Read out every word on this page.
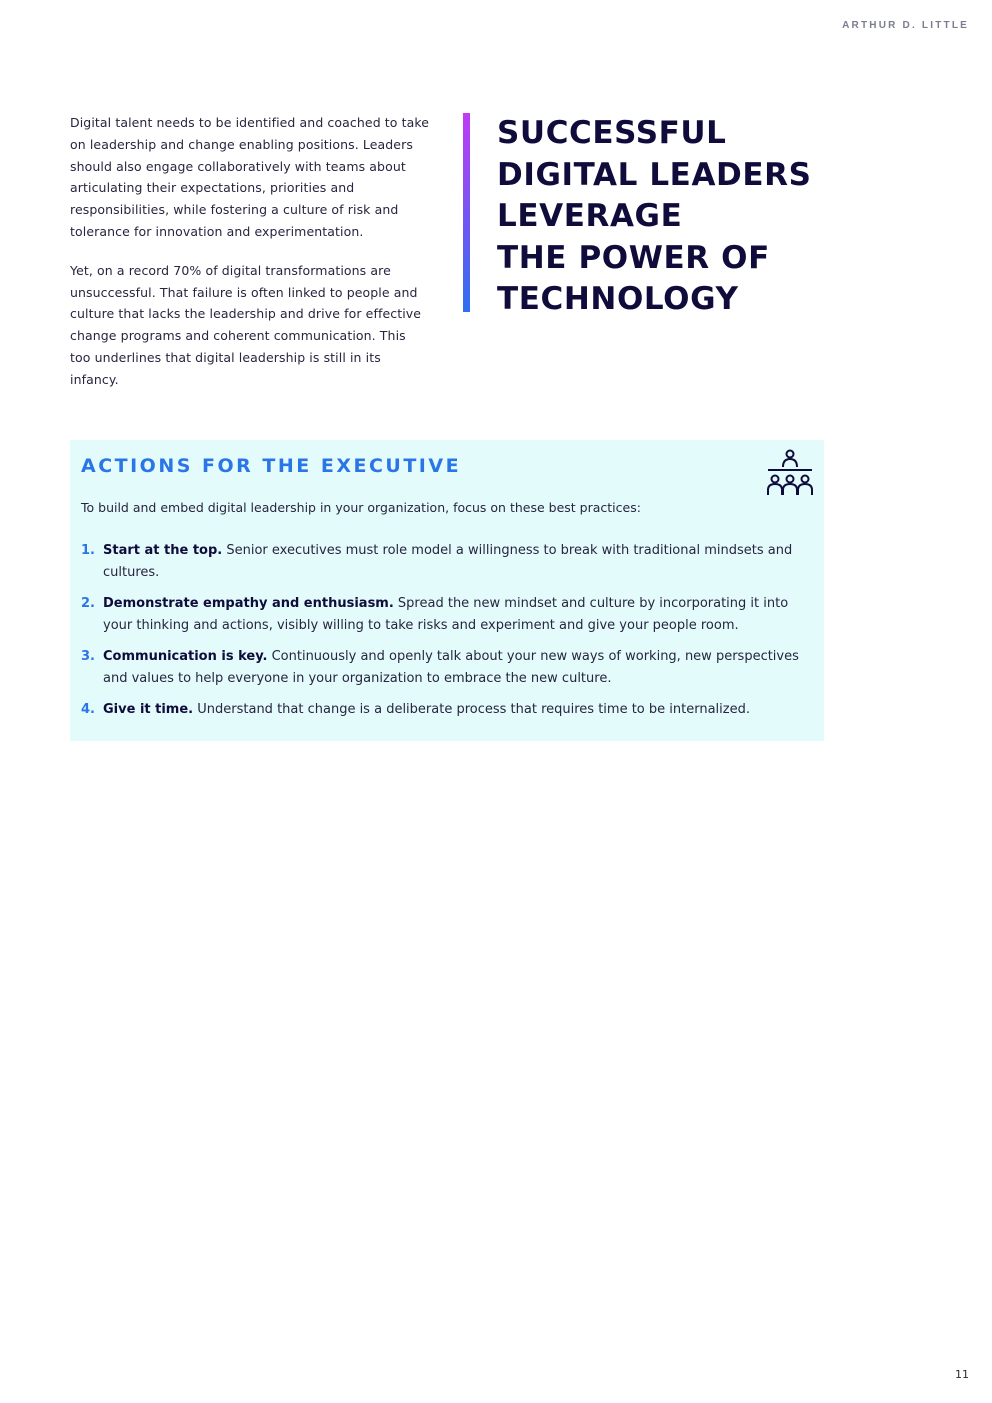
ARTHUR D. LITTLE

Digital talent needs to be identified and coached to take on leadership and change enabling positions. Leaders should also engage collaboratively with teams about articulating their expectations, priorities and responsibilities, while fostering a culture of risk and tolerance for innovation and experimentation.

Yet, on a record 70% of digital transformations are unsuccessful. That failure is often linked to people and culture that lacks the leadership and drive for effective change programs and coherent communication. This too underlines that digital leadership is still in its infancy.

SUCCESSFUL
DIGITAL LEADERS
LEVERAGE
THE POWER OF
TECHNOLOGY
ACTIONS FOR THE EXECUTIVE

To build and embed digital leadership in your organization, focus on these best practices:

1. Start at the top. Senior executives must role model a willingness to break with traditional mindsets and cultures.
2. Demonstrate empathy and enthusiasm. Spread the new mindset and culture by incorporating it into your thinking and actions, visibly willing to take risks and experiment and give your people room.
3. Communication is key. Continuously and openly talk about your new ways of working, new perspectives and values to help everyone in your organization to embrace the new culture.
4. Give it time. Understand that change is a deliberate process that requires time to be internalized.
11
